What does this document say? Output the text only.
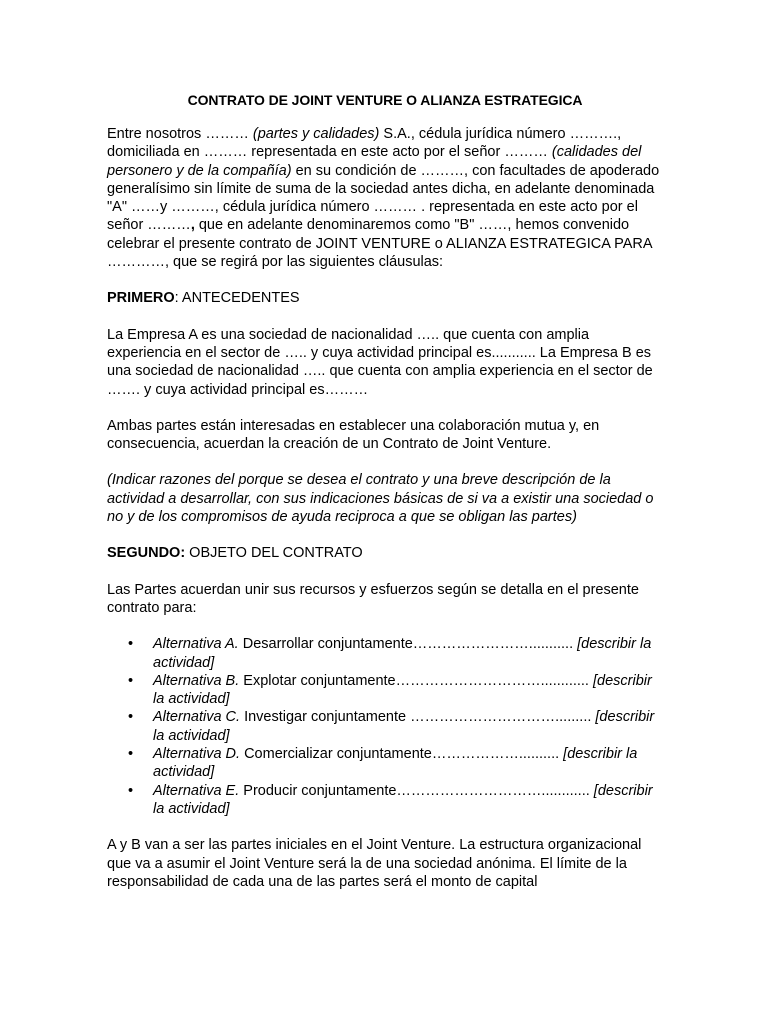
CONTRATO DE JOINT VENTURE O ALIANZA ESTRATEGICA

Entre nosotros ……… (partes y calidades) S.A., cédula jurídica número ………., domiciliada en ……… representada en este acto por el señor ……… (calidades del personero y de la compañía) en su condición de ………, con facultades de apoderado generalísimo sin límite de suma de la sociedad antes dicha, en adelante denominada "A" ……y ………, cédula jurídica número ……… . representada en este acto por el señor ………, que en adelante denominaremos como "B" ……, hemos convenido celebrar el presente contrato de JOINT VENTURE o ALIANZA ESTRATEGICA PARA …………, que se regirá por las siguientes cláusulas:

PRIMERO: ANTECEDENTES

La Empresa A es una sociedad de nacionalidad ….. que cuenta con amplia experiencia en el sector de ….. y cuya actividad principal es........... La Empresa B es una sociedad de nacionalidad ….. que cuenta con amplia experiencia en el sector de ……. y cuya actividad principal es………

Ambas partes están interesadas en establecer una colaboración mutua y, en consecuencia, acuerdan la creación de un Contrato de Joint Venture.

(Indicar razones del porque se desea el contrato y una breve descripción de la actividad a desarrollar, con sus indicaciones básicas de si va a existir una sociedad o no y de los compromisos de ayuda reciproca a que se obligan las partes)

SEGUNDO: OBJETO DEL CONTRATO

Las Partes acuerdan unir sus recursos y esfuerzos según se detalla en el presente contrato para:

• Alternativa A. Desarrollar conjuntamente……………………........... [describir la actividad]
• Alternativa B. Explotar conjuntamente…………………………............ [describir la actividad]
• Alternativa C. Investigar conjuntamente …………………………......... [describir la actividad]
• Alternativa D. Comercializar conjuntamente……………….......... [describir la actividad]
• Alternativa E. Producir conjuntamente…………………………............ [describir la actividad]

A y B van a ser las partes iniciales en el Joint Venture. La estructura organizacional que va a asumir el Joint Venture será la de una sociedad anónima. El límite de la responsabilidad de cada una de las partes será el monto de capital
